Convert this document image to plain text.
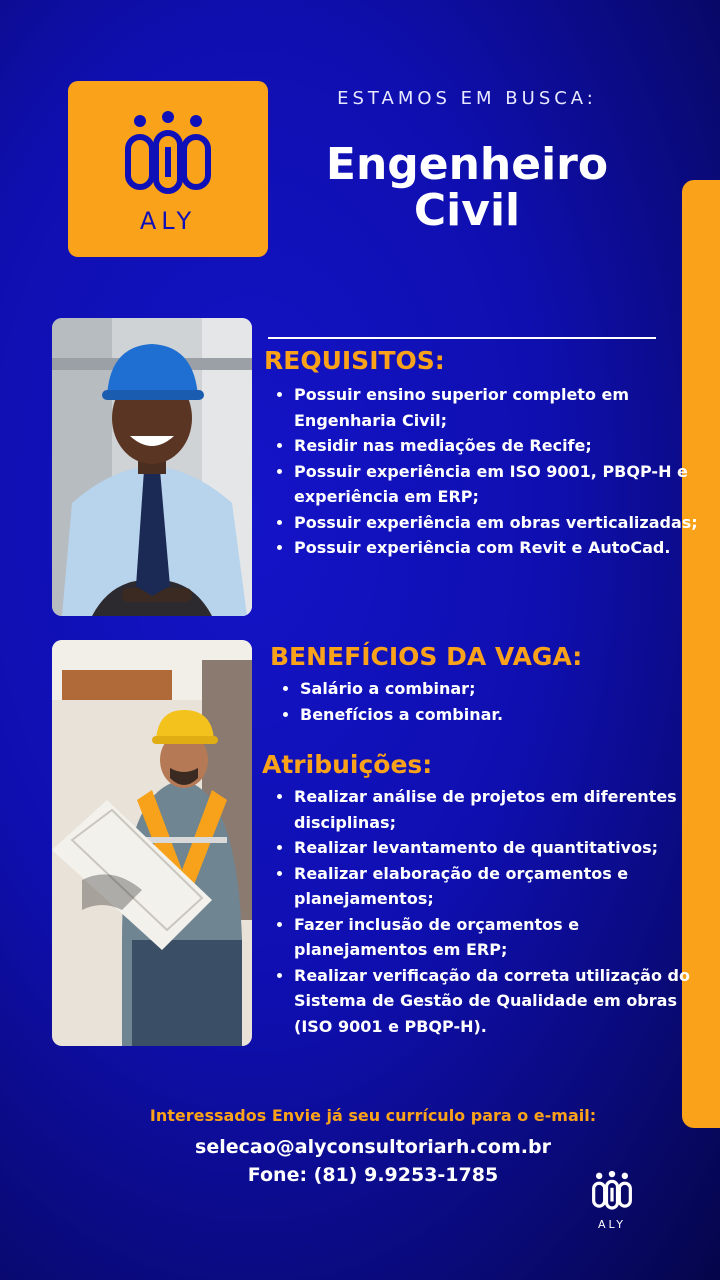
ALY
ESTAMOS EM BUSCA:
Engenheiro
Civil
REQUISITOS:
• Possuir ensino superior completo em Engenharia Civil;
• Residir nas mediações de Recife;
• Possuir experiência em ISO 9001, PBQP-H e experiência em ERP;
• Possuir experiência em obras verticalizadas;
• Possuir experiência com Revit e AutoCad.
BENEFÍCIOS DA VAGA:
• Salário a combinar;
• Benefícios a combinar.
Atribuições:
• Realizar análise de projetos em diferentes disciplinas;
• Realizar levantamento de quantitativos;
• Realizar elaboração de orçamentos e planejamentos;
• Fazer inclusão de orçamentos e planejamentos em ERP;
• Realizar verificação da correta utilização do Sistema de Gestão de Qualidade em obras (ISO 9001 e PBQP-H).
Interessados Envie já seu currículo para o e-mail:
selecao@alyconsultoriarh.com.br
Fone: (81) 9.9253-1785
ALY
